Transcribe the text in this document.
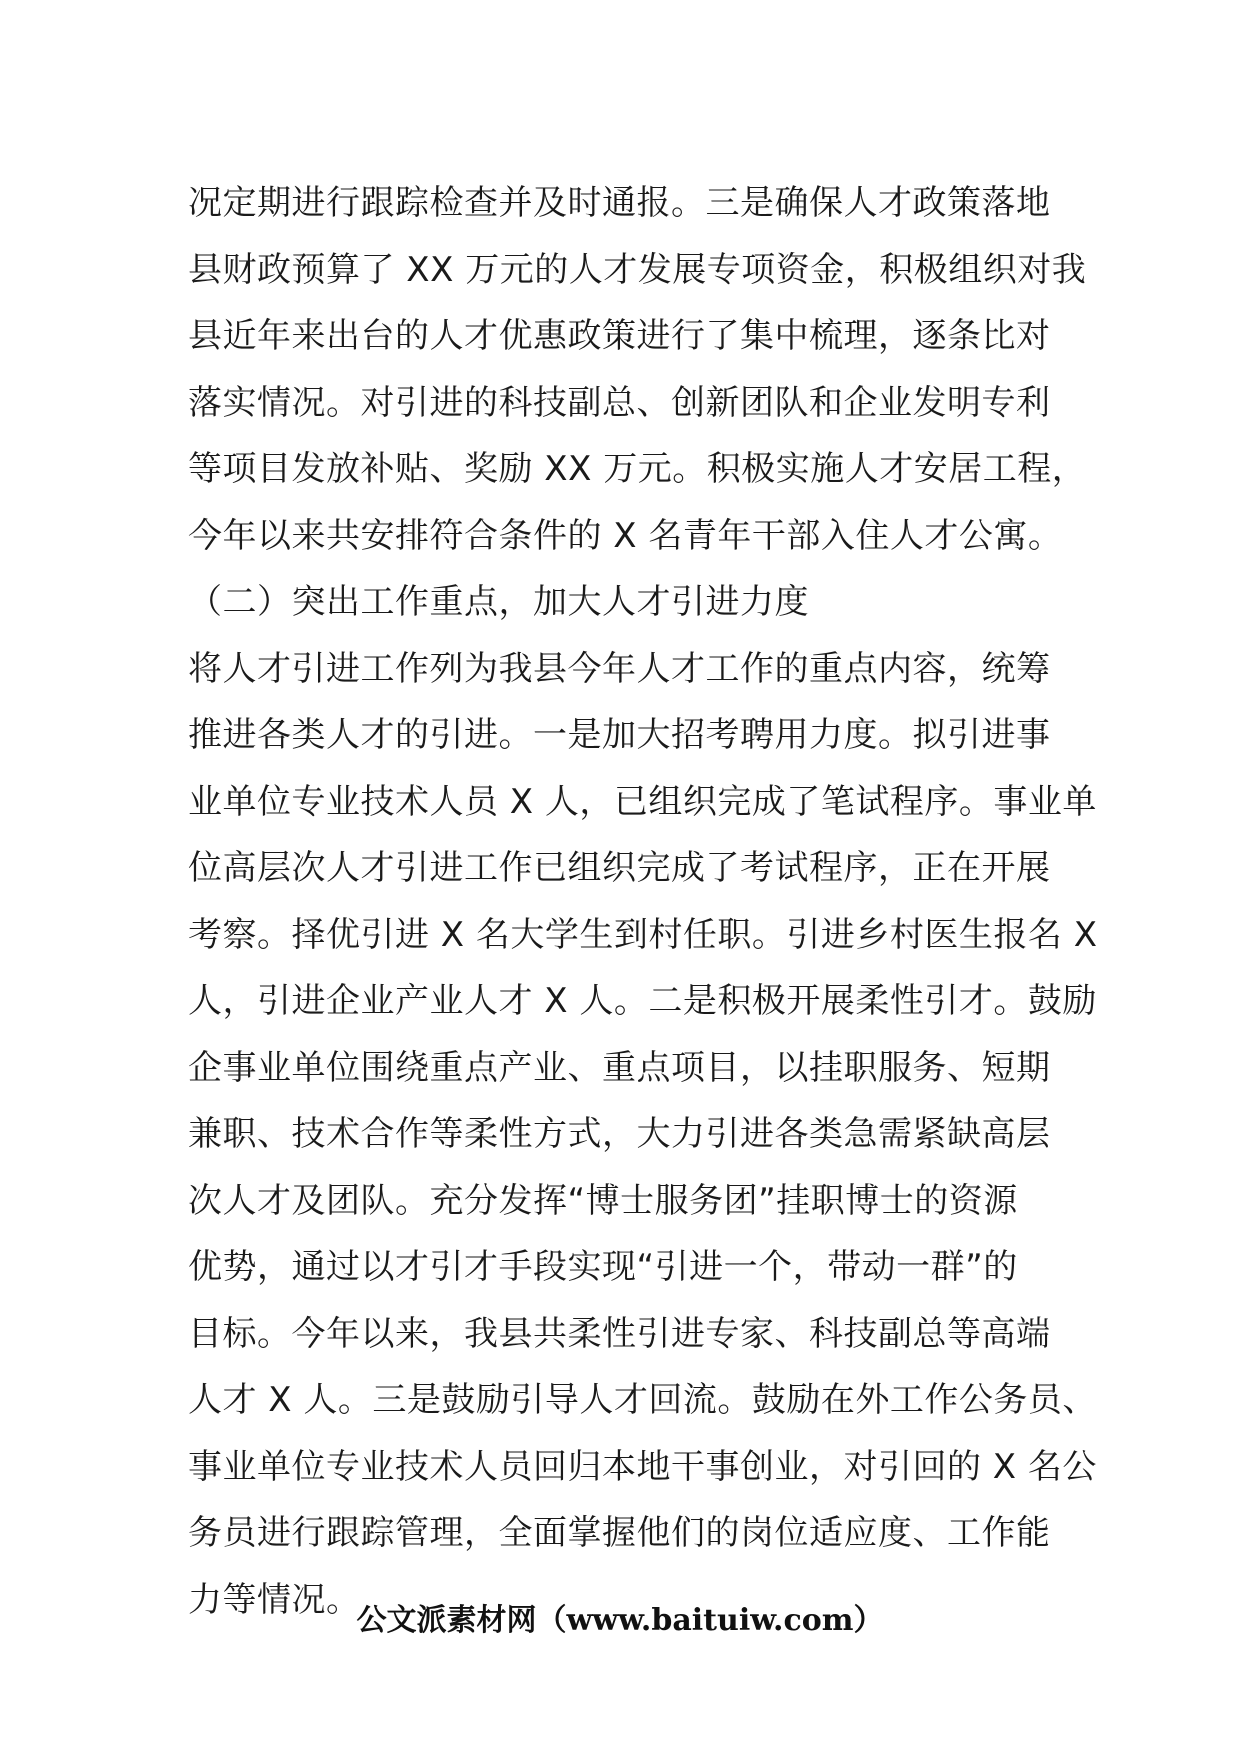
况定期进行跟踪检查并及时通报。三是确保人才政策落地
县财政预算了 XX 万元的人才发展专项资金，积极组织对我
县近年来出台的人才优惠政策进行了集中梳理，逐条比对
落实情况。对引进的科技副总、创新团队和企业发明专利
等项目发放补贴、奖励 XX 万元。积极实施人才安居工程，
今年以来共安排符合条件的 X 名青年干部入住人才公寓。
（二）突出工作重点，加大人才引进力度
将人才引进工作列为我县今年人才工作的重点内容，统筹
推进各类人才的引进。一是加大招考聘用力度。拟引进事
业单位专业技术人员 X 人，已组织完成了笔试程序。事业单
位高层次人才引进工作已组织完成了考试程序，正在开展
考察。择优引进 X 名大学生到村任职。引进乡村医生报名 X
人，引进企业产业人才 X 人。二是积极开展柔性引才。鼓励
企事业单位围绕重点产业、重点项目，以挂职服务、短期
兼职、技术合作等柔性方式，大力引进各类急需紧缺高层
次人才及团队。充分发挥“博士服务团”挂职博士的资源
优势，通过以才引才手段实现“引进一个，带动一群”的
目标。今年以来，我县共柔性引进专家、科技副总等高端
人才 X 人。三是鼓励引导人才回流。鼓励在外工作公务员、
事业单位专业技术人员回归本地干事创业，对引回的 X 名公
务员进行跟踪管理，全面掌握他们的岗位适应度、工作能
力等情况。
公文派素材网（www.baituiw.com）
